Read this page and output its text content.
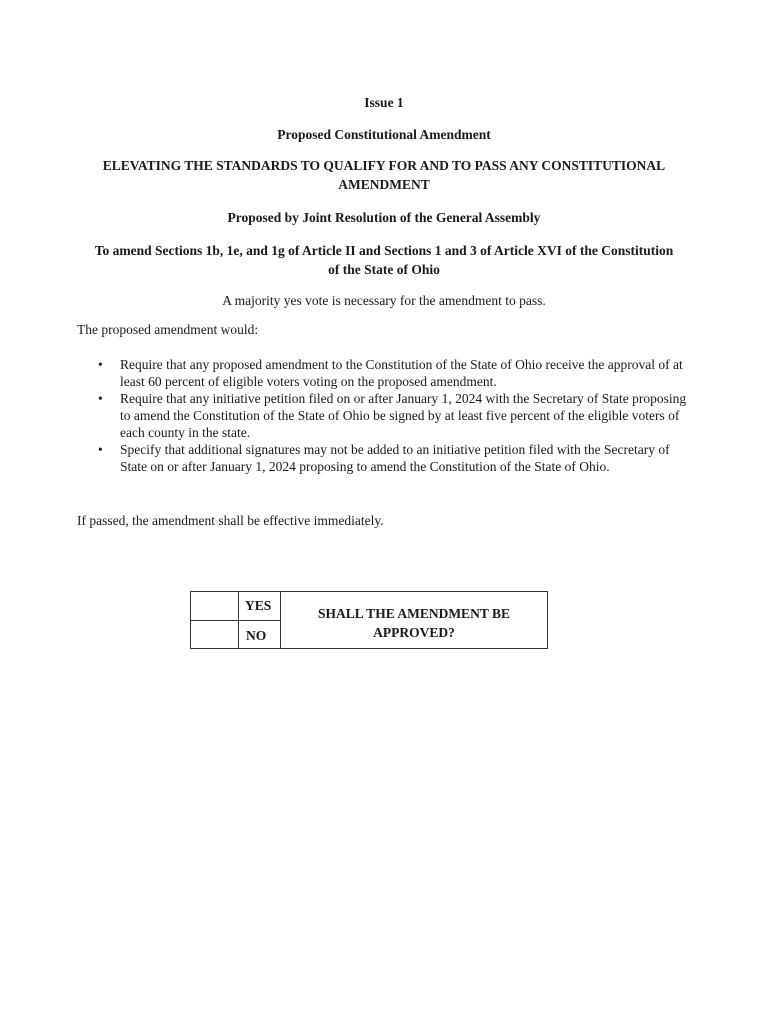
Issue 1
Proposed Constitutional Amendment
ELEVATING THE STANDARDS TO QUALIFY FOR AND TO PASS ANY CONSTITUTIONAL AMENDMENT
Proposed by Joint Resolution of the General Assembly
To amend Sections 1b, 1e, and 1g of Article II and Sections 1 and 3 of Article XVI of the Constitution of the State of Ohio
A majority yes vote is necessary for the amendment to pass.
The proposed amendment would:
• Require that any proposed amendment to the Constitution of the State of Ohio receive the approval of at least 60 percent of eligible voters voting on the proposed amendment.
• Require that any initiative petition filed on or after January 1, 2024 with the Secretary of State proposing to amend the Constitution of the State of Ohio be signed by at least five percent of the eligible voters of each county in the state.
• Specify that additional signatures may not be added to an initiative petition filed with the Secretary of State on or after January 1, 2024 proposing to amend the Constitution of the State of Ohio.
If passed, the amendment shall be effective immediately.
YES
NO
SHALL THE AMENDMENT BE APPROVED?
